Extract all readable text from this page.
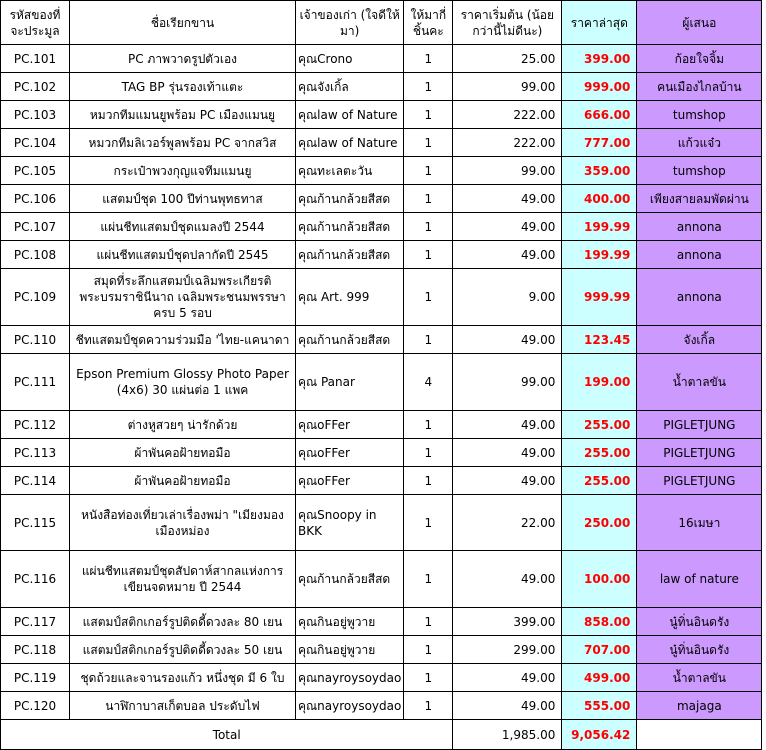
รหัสของที่จะประมูล	ชื่อเรียกขาน	เจ้าของเก่า (ใจดีให้มา)	ให้มากี่ชิ้นคะ	ราคาเริ่มต้น (น้อยกว่านี้ไม่ดีนะ)	ราคาล่าสุด	ผู้เสนอ
PC.101	PC ภาพวาดรูปตัวเอง	คุณCrono	1	25.00	399.00	ก้อยใจจิ้ม
PC.102	TAG BP รุ่นรองเท้าแตะ	คุณจังเกิ้ล	1	99.00	999.00	คนเมืองไกลบ้าน
PC.103	หมวกทีมแมนยูพร้อม PC เมืองแมนยู	คุณlaw of Nature	1	222.00	666.00	tumshop
PC.104	หมวกทีมลิเวอร์พูลพร้อม PC จากสวิส	คุณlaw of Nature	1	222.00	777.00	แก้วแจ๋ว
PC.105	กระเป๋าพวงกุญแจทีมแมนยู	คุณทะเลตะวัน	1	99.00	359.00	tumshop
PC.106	แสตมป์ชุด 100 ปีท่านพุทธทาส	คุณก้านกล้วยสีสด	1	49.00	400.00	เพียงสายลมพัดผ่าน
PC.107	แผ่นชีทแสตมป์ชุดแมลงปี 2544	คุณก้านกล้วยสีสด	1	49.00	199.99	annona
PC.108	แผ่นชีทแสตมป์ชุดปลากัดปี 2545	คุณก้านกล้วยสีสด	1	49.00	199.99	annona
PC.109	สมุดที่ระลึกแสตมป์เฉลิมพระเกียรติ พระบรมราชินีนาถ เฉลิมพระชนมพรรษา ครบ 5 รอบ	คุณ Art. 999	1	9.00	999.99	annona
PC.110	ชีทแสตมป์ชุดความร่วมมือ 'ไทย-แคนาดา	คุณก้านกล้วยสีสด	1	49.00	123.45	จังเกิ้ล
PC.111	Epson Premium Glossy Photo Paper (4x6) 30 แผ่นต่อ 1 แพค	คุณ Panar	4	99.00	199.00	น้ำตาลขัน
PC.112	ต่างหูสวยๆ น่ารักด้วย	คุณoFFer	1	49.00	255.00	PIGLETJUNG
PC.113	ผ้าพันคอฝ้ายทอมือ	คุณoFFer	1	49.00	255.00	PIGLETJUNG
PC.114	ผ้าพันคอฝ้ายทอมือ	คุณoFFer	1	49.00	255.00	PIGLETJUNG
PC.115	หนังสือท่องเที่ยวเล่าเรื่องพม่า "เมียงมองเมืองหม่อง	คุณSnoopy in BKK	1	22.00	250.00	16เมษา
PC.116	แผ่นชีทแสตมป์ชุดสัปดาห์สากลแห่งการเขียนจดหมาย ปี 2544	คุณก้านกล้วยสีสด	1	49.00	100.00	law of nature
PC.117	แสตมป์สติกเกอร์รูปติดดี้ดวงละ 80 เยน	คุณกินอยู่พูวาย	1	399.00	858.00	นู๋ทิ่นอินดรัง
PC.118	แสตมป์สติกเกอร์รูปติดดี้ดวงละ 50 เยน	คุณกินอยู่พูวาย	1	299.00	707.00	นู๋ทิ่นอินดรัง
PC.119	ชุดถ้วยและจานรองแก้ว หนึ่งชุด มี 6 ใบ	คุณnayroysoydao	1	49.00	499.00	น้ำตาลขัน
PC.120	นาฬิกาบาสเก็ตบอล ประดับไฟ	คุณnayroysoydao	1	49.00	555.00	majaga
Total				1,985.00	9,056.42	
